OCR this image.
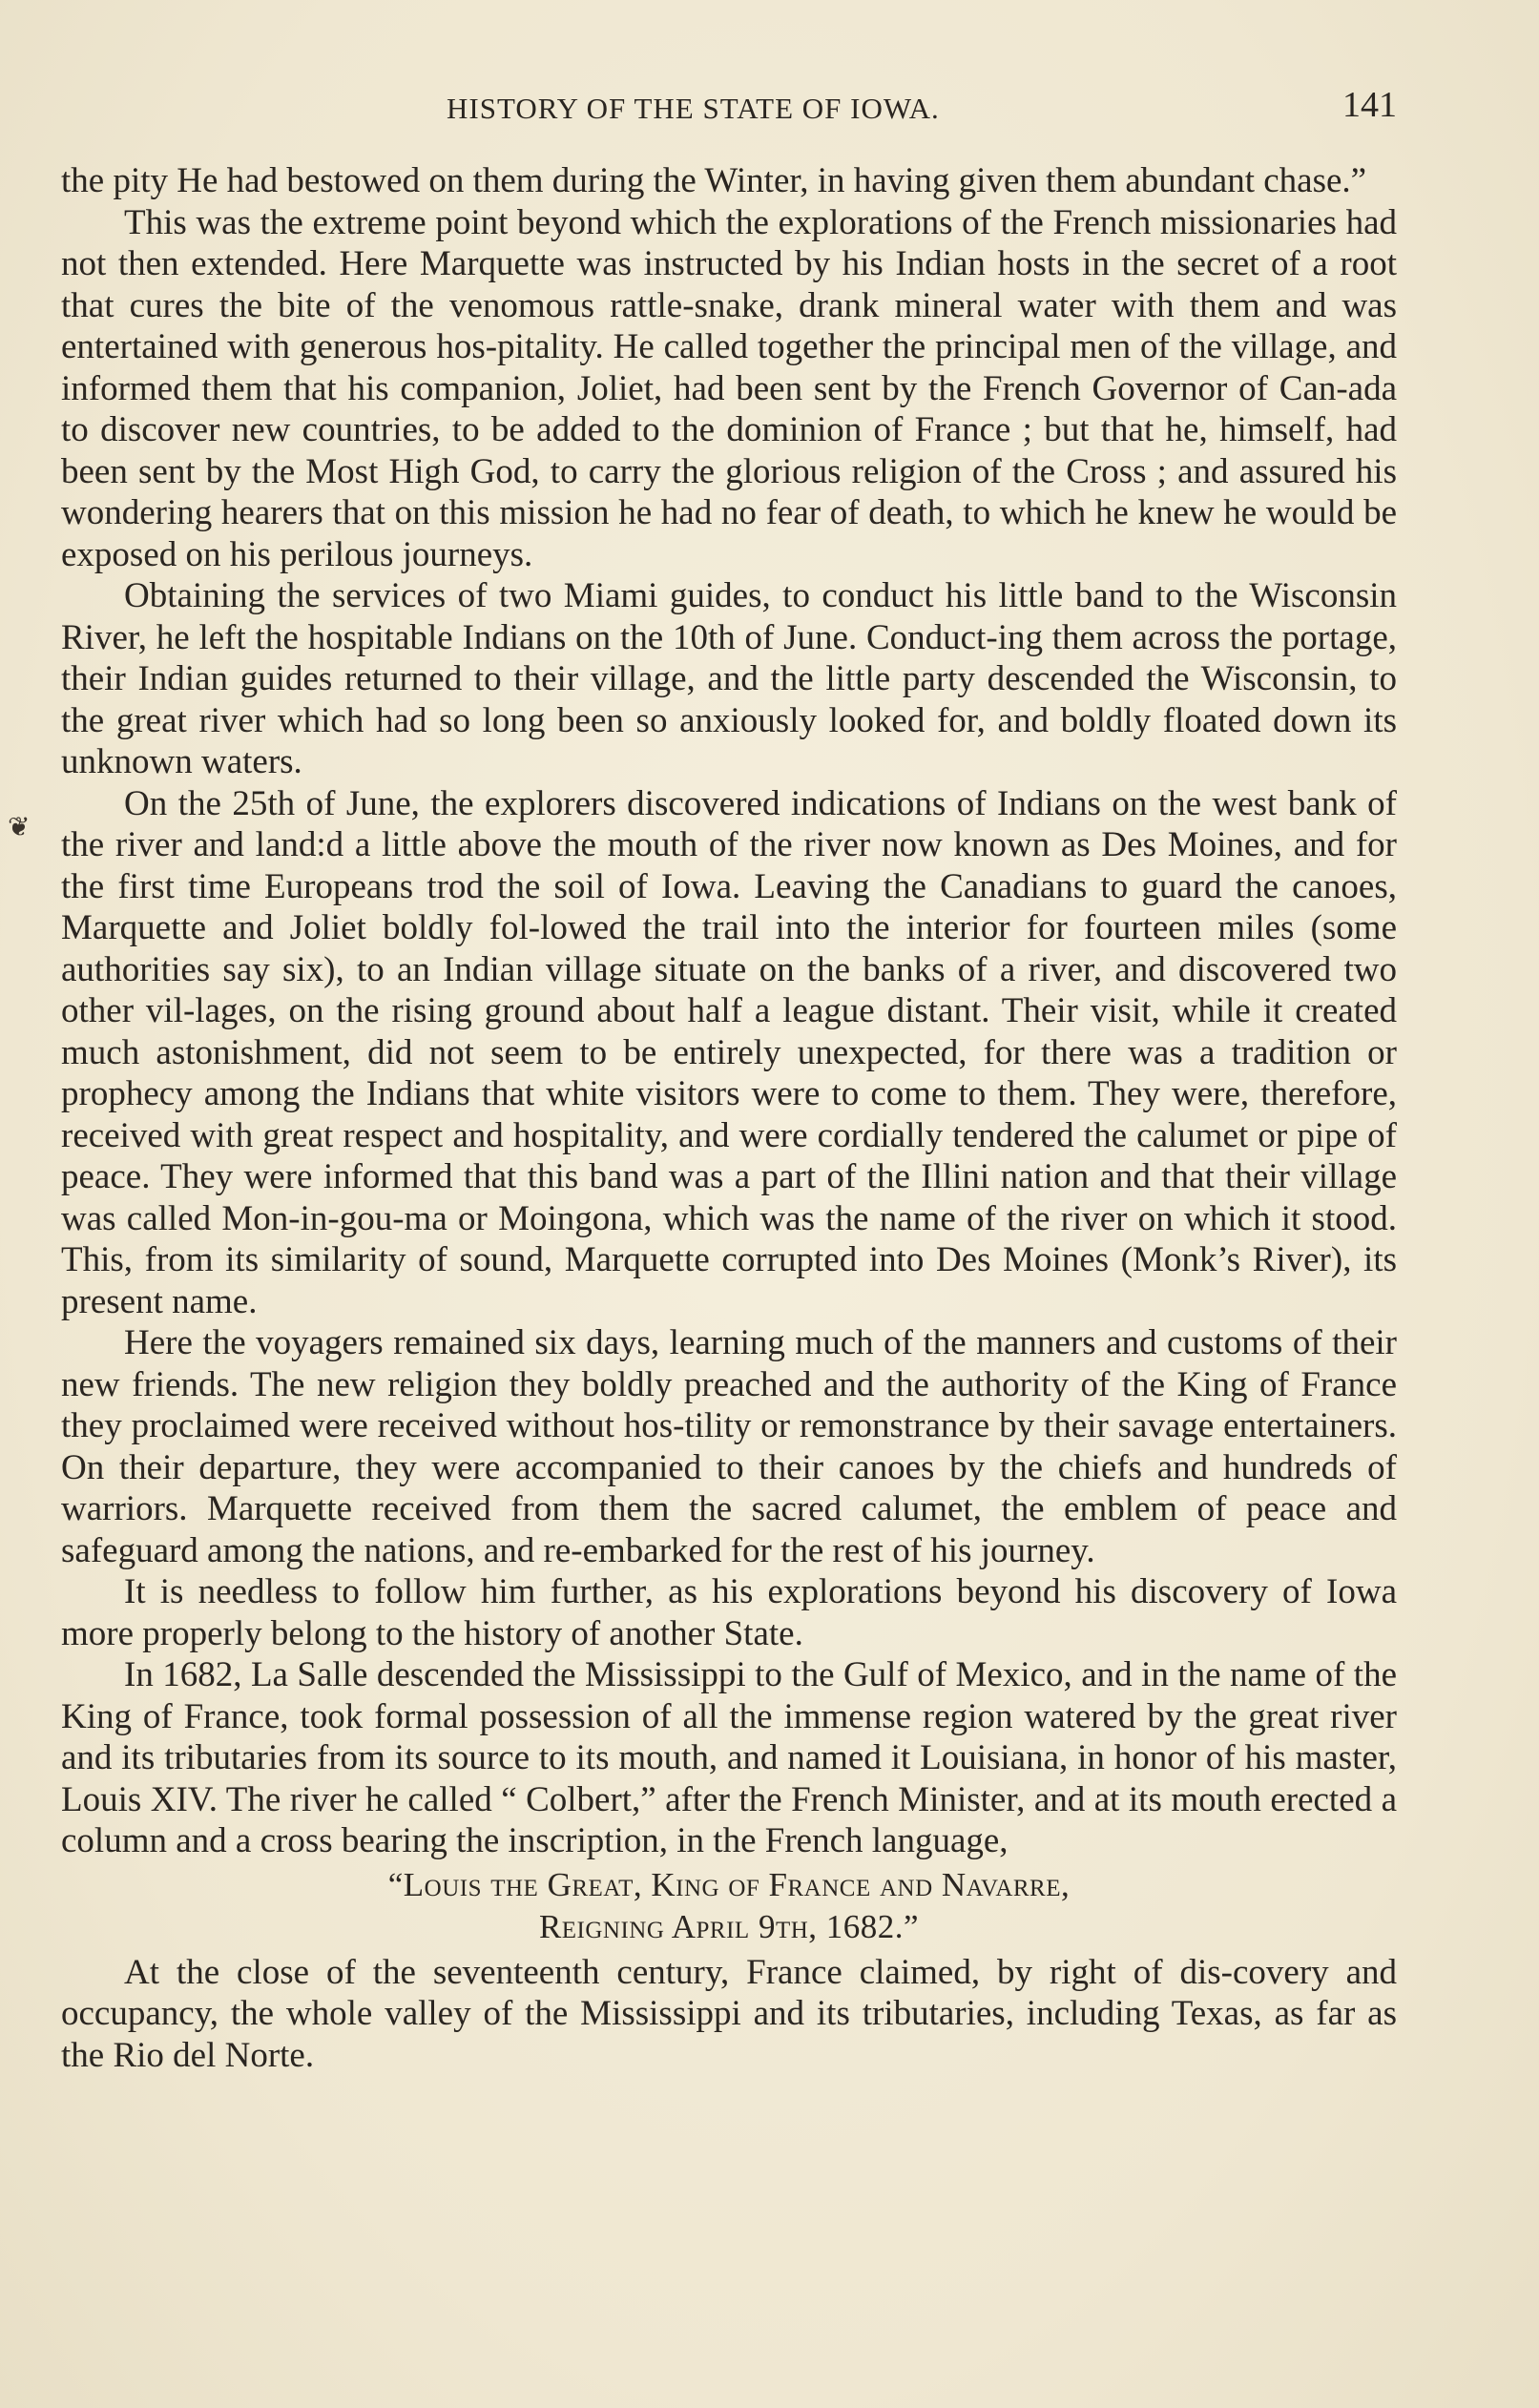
HISTORY OF THE STATE OF IOWA.	141
❦

the pity He had bestowed on them during the Winter, in having given them abundant chase.”

This was the extreme point beyond which the explorations of the French missionaries had not then extended. Here Marquette was instructed by his Indian hosts in the secret of a root that cures the bite of the venomous rattle-snake, drank mineral water with them and was entertained with generous hos-pitality. He called together the principal men of the village, and informed them that his companion, Joliet, had been sent by the French Governor of Can-ada to discover new countries, to be added to the dominion of France ; but that he, himself, had been sent by the Most High God, to carry the glorious religion of the Cross ; and assured his wondering hearers that on this mission he had no fear of death, to which he knew he would be exposed on his perilous journeys.

Obtaining the services of two Miami guides, to conduct his little band to the Wisconsin River, he left the hospitable Indians on the 10th of June. Conduct-ing them across the portage, their Indian guides returned to their village, and the little party descended the Wisconsin, to the great river which had so long been so anxiously looked for, and boldly floated down its unknown waters.

On the 25th of June, the explorers discovered indications of Indians on the west bank of the river and land:d a little above the mouth of the river now known as Des Moines, and for the first time Europeans trod the soil of Iowa. Leaving the Canadians to guard the canoes, Marquette and Joliet boldly fol-lowed the trail into the interior for fourteen miles (some authorities say six), to an Indian village situate on the banks of a river, and discovered two other vil-lages, on the rising ground about half a league distant. Their visit, while it created much astonishment, did not seem to be entirely unexpected, for there was a tradition or prophecy among the Indians that white visitors were to come to them. They were, therefore, received with great respect and hospitality, and were cordially tendered the calumet or pipe of peace. They were informed that this band was a part of the Illini nation and that their village was called Mon-in-gou-ma or Moingona, which was the name of the river on which it stood. This, from its similarity of sound, Marquette corrupted into Des Moines (Monk’s River), its present name.

Here the voyagers remained six days, learning much of the manners and customs of their new friends. The new religion they boldly preached and the authority of the King of France they proclaimed were received without hos-tility or remonstrance by their savage entertainers. On their departure, they were accompanied to their canoes by the chiefs and hundreds of warriors. Marquette received from them the sacred calumet, the emblem of peace and safeguard among the nations, and re-embarked for the rest of his journey.

It is needless to follow him further, as his explorations beyond his discovery of Iowa more properly belong to the history of another State.

In 1682, La Salle descended the Mississippi to the Gulf of Mexico, and in the name of the King of France, took formal possession of all the immense region watered by the great river and its tributaries from its source to its mouth, and named it Louisiana, in honor of his master, Louis XIV. The river he called “ Colbert,” after the French Minister, and at its mouth erected a column and a cross bearing the inscription, in the French language,

“Louis the Great, King of France and Navarre,
Reigning April 9th, 1682.”

At the close of the seventeenth century, France claimed, by right of dis-covery and occupancy, the whole valley of the Mississippi and its tributaries, including Texas, as far as the Rio del Norte.
